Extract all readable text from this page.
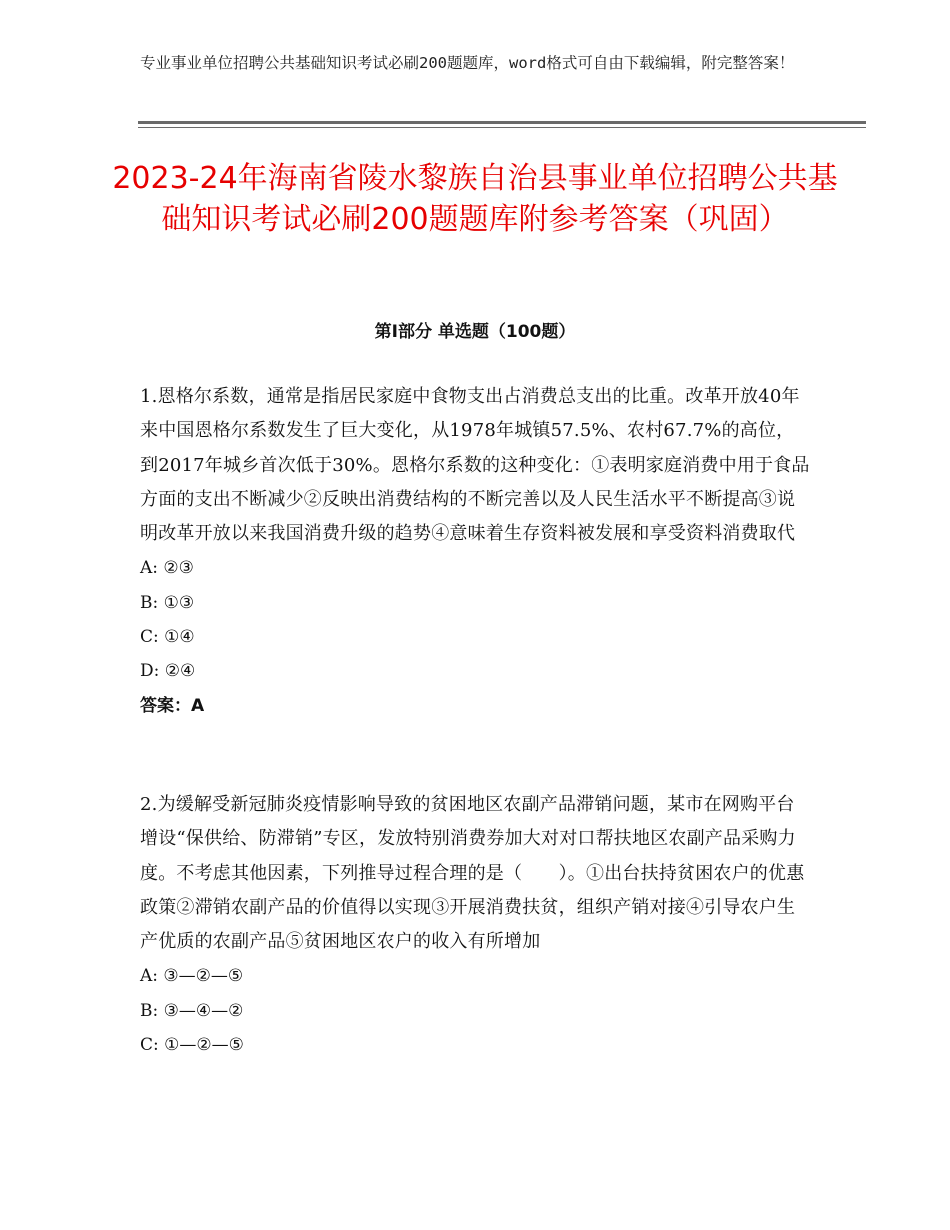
专业事业单位招聘公共基础知识考试必刷200题题库，word格式可自由下载编辑，附完整答案！
2023-24年海南省陵水黎族自治县事业单位招聘公共基础知识考试必刷200题题库附参考答案（巩固）
第Ⅰ部分 单选题（100题）

1.恩格尔系数，通常是指居民家庭中食物支出占消费总支出的比重。改革开放40年来中国恩格尔系数发生了巨大变化，从1978年城镇57.5%、农村67.7%的高位，到2017年城乡首次低于30%。恩格尔系数的这种变化：①表明家庭消费中用于食品方面的支出不断减少②反映出消费结构的不断完善以及人民生活水平不断提高③说明改革开放以来我国消费升级的趋势④意味着生存资料被发展和享受资料消费取代

A: ②③

B: ①③

C: ①④

D: ②④

答案：A

2.为缓解受新冠肺炎疫情影响导致的贫困地区农副产品滞销问题，某市在网购平台增设“保供给、防滞销”专区，发放特别消费券加大对对口帮扶地区农副产品采购力度。不考虑其他因素，下列推导过程合理的是（　　）。①出台扶持贫困农户的优惠政策②滞销农副产品的价值得以实现③开展消费扶贫，组织产销对接④引导农户生产优质的农副产品⑤贫困地区农户的收入有所增加

A: ③—②—⑤

B: ③—④—②

C: ①—②—⑤
